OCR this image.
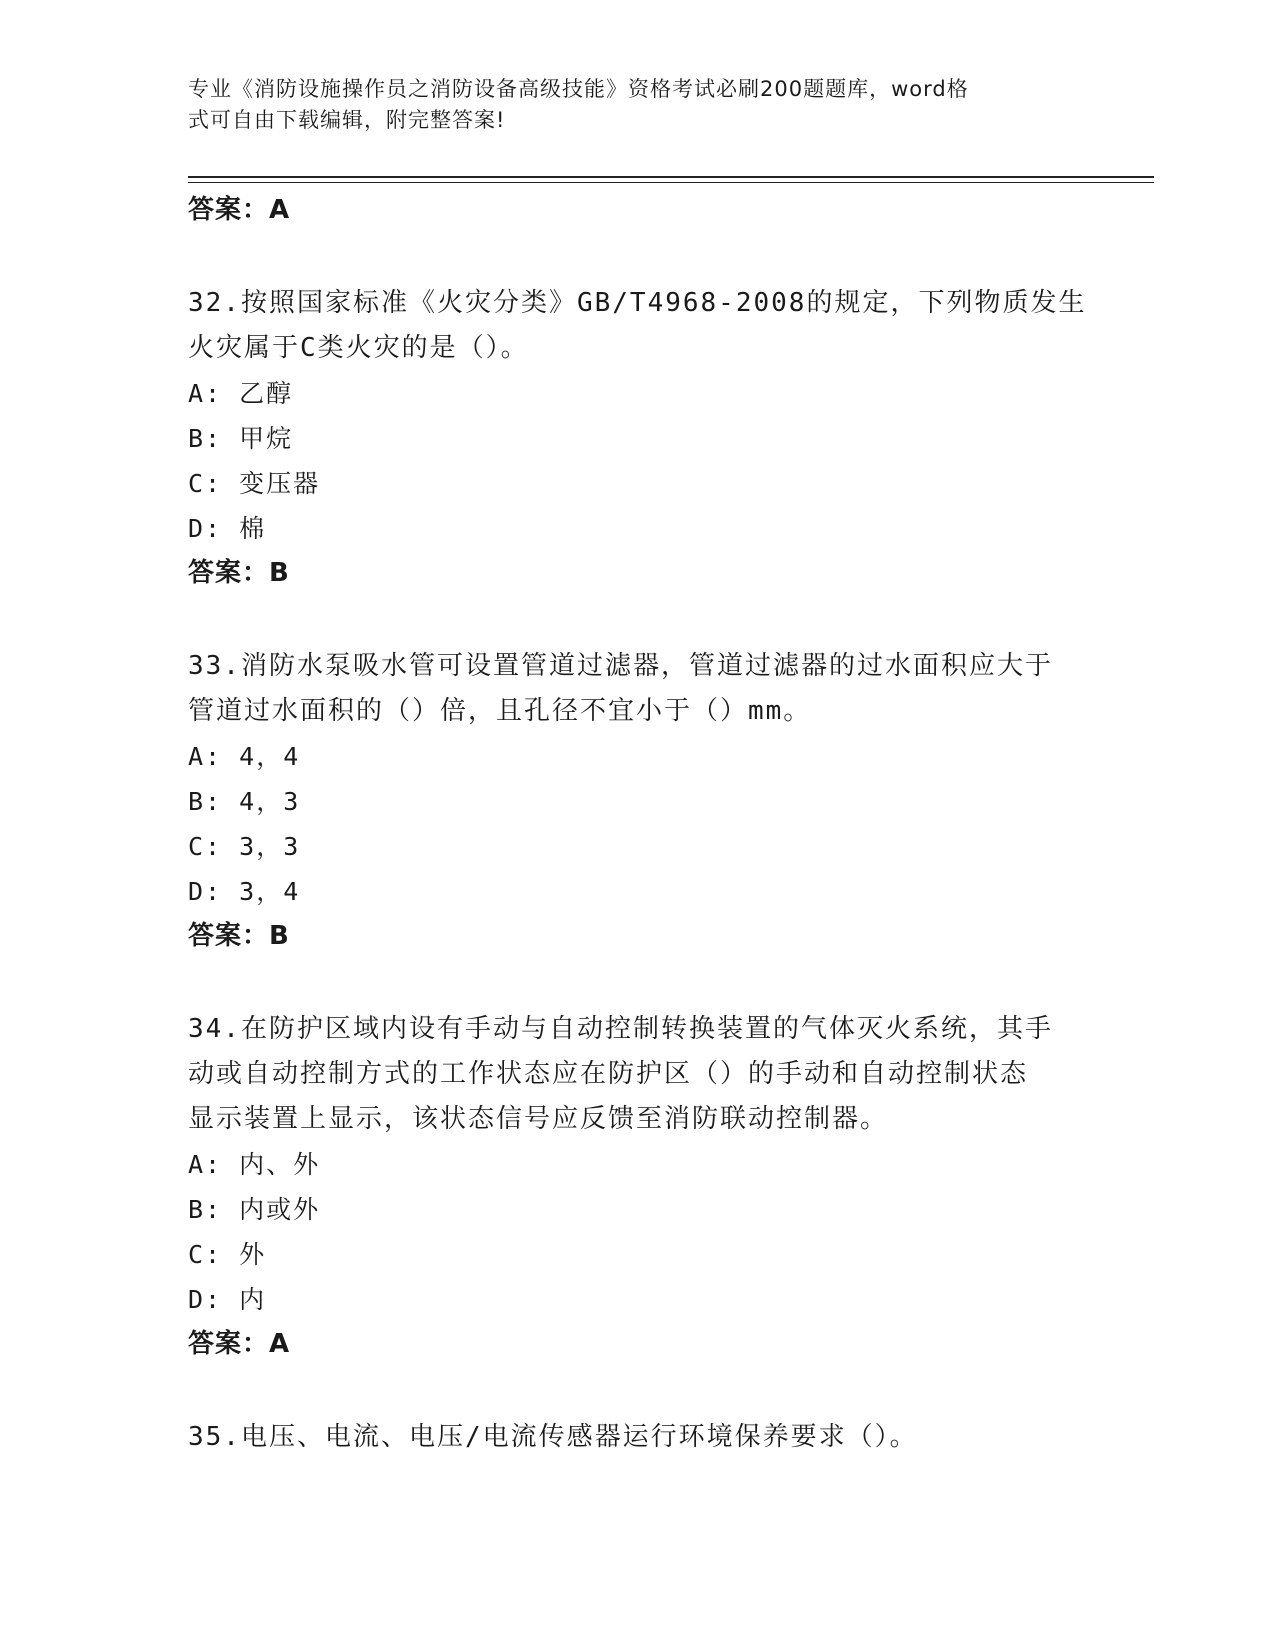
专业《消防设施操作员之消防设备高级技能》资格考试必刷200题题库，word格
式可自由下载编辑，附完整答案!
答案：A
32.按照国家标准《火灾分类》GB/T4968-2008的规定，下列物质发生
火灾属于C类火灾的是（）。
A: 乙醇
B: 甲烷
C: 变压器
D: 棉
答案：B
33.消防水泵吸水管可设置管道过滤器，管道过滤器的过水面积应大于
管道过水面积的（）倍，且孔径不宜小于（）mm。
A: 4，4
B: 4，3
C: 3，3
D: 3，4
答案：B
34.在防护区域内设有手动与自动控制转换装置的气体灭火系统，其手
动或自动控制方式的工作状态应在防护区（）的手动和自动控制状态
显示装置上显示，该状态信号应反馈至消防联动控制器。
A: 内、外
B: 内或外
C: 外
D: 内
答案：A
35.电压、电流、电压/电流传感器运行环境保养要求（）。
